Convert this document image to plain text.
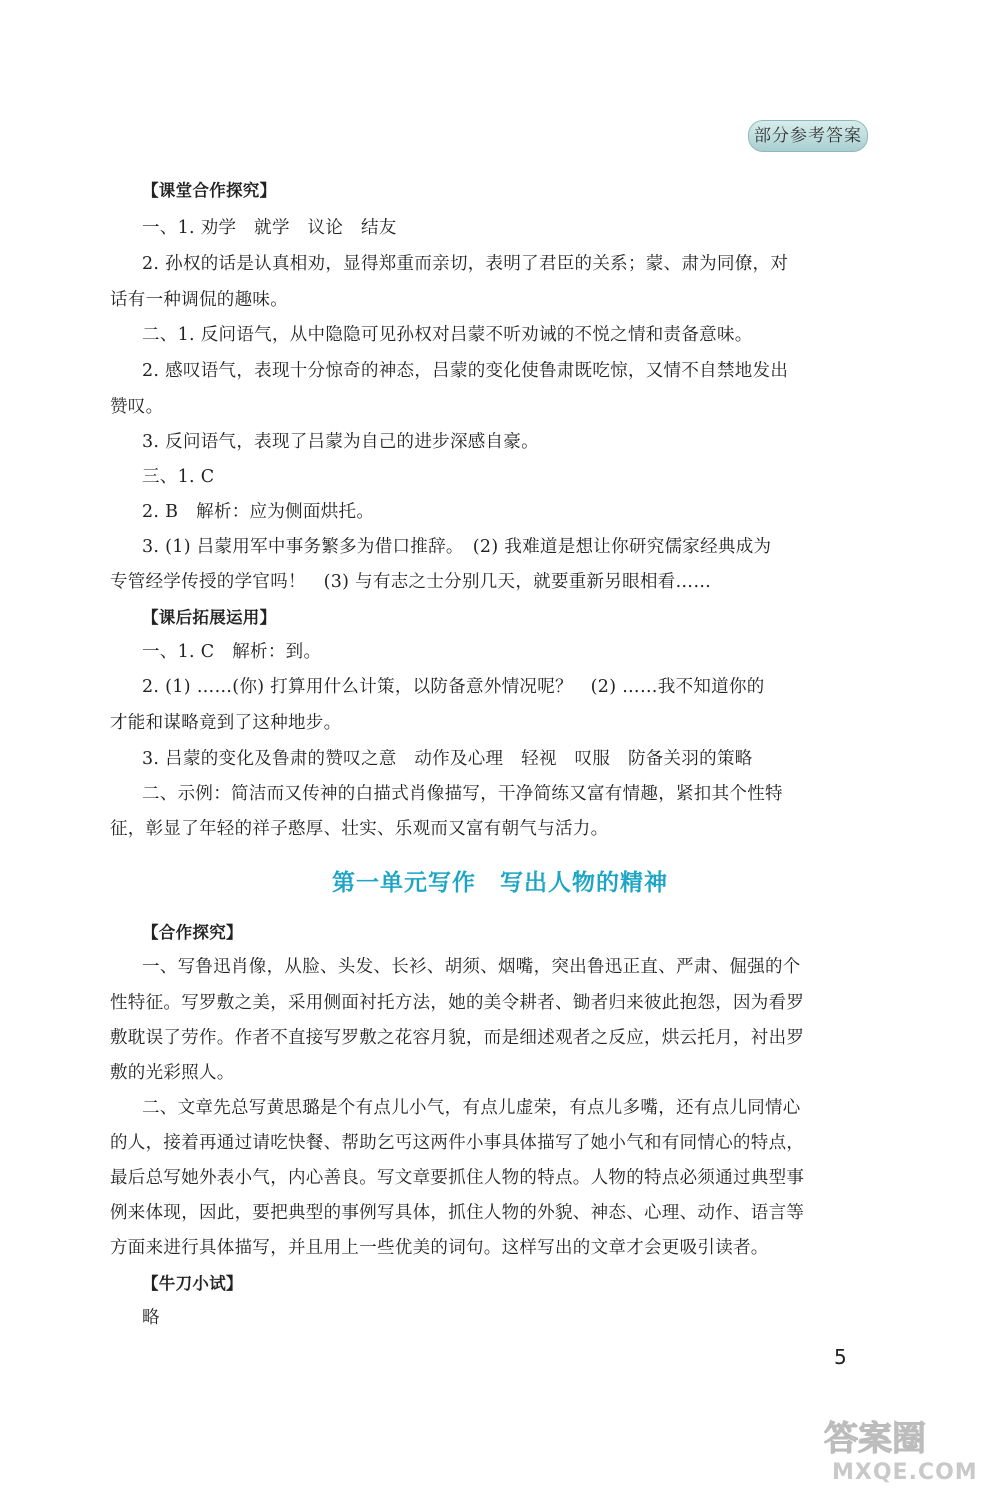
部分参考答案
【课堂合作探究】
一、1. 劝学　就学　议论　结友
2. 孙权的话是认真相劝，显得郑重而亲切，表明了君臣的关系；蒙、肃为同僚，对
话有一种调侃的趣味。
二、1. 反问语气，从中隐隐可见孙权对吕蒙不听劝诫的不悦之情和责备意味。
2. 感叹语气，表现十分惊奇的神态，吕蒙的变化使鲁肃既吃惊，又情不自禁地发出
赞叹。
3. 反问语气，表现了吕蒙为自己的进步深感自豪。
三、1. C
2. B　解析：应为侧面烘托。
3. (1) 吕蒙用军中事务繁多为借口推辞。　(2) 我难道是想让你研究儒家经典成为
专管经学传授的学官吗！　(3) 与有志之士分别几天，就要重新另眼相看……
【课后拓展运用】
一、1. C　解析：到。
2. (1) ……(你) 打算用什么计策，以防备意外情况呢？　(2) ……我不知道你的
才能和谋略竟到了这种地步。
3. 吕蒙的变化及鲁肃的赞叹之意　动作及心理　轻视　叹服　防备关羽的策略
二、示例：简洁而又传神的白描式肖像描写，干净简练又富有情趣，紧扣其个性特
征，彰显了年轻的祥子憨厚、壮实、乐观而又富有朝气与活力。
第一单元写作　写出人物的精神
【合作探究】
一、写鲁迅肖像，从脸、头发、长衫、胡须、烟嘴，突出鲁迅正直、严肃、倔强的个
性特征。写罗敷之美，采用侧面衬托方法，她的美令耕者、锄者归来彼此抱怨，因为看罗
敷耽误了劳作。作者不直接写罗敷之花容月貌，而是细述观者之反应，烘云托月，衬出罗
敷的光彩照人。
二、文章先总写黄思璐是个有点儿小气，有点儿虚荣，有点儿多嘴，还有点儿同情心
的人，接着再通过请吃快餐、帮助乞丐这两件小事具体描写了她小气和有同情心的特点，
最后总写她外表小气，内心善良。写文章要抓住人物的特点。人物的特点必须通过典型事
例来体现，因此，要把典型的事例写具体，抓住人物的外貌、神态、心理、动作、语言等
方面来进行具体描写，并且用上一些优美的词句。这样写出的文章才会更吸引读者。
【牛刀小试】
略
5
答案圈
MXQE.COM
